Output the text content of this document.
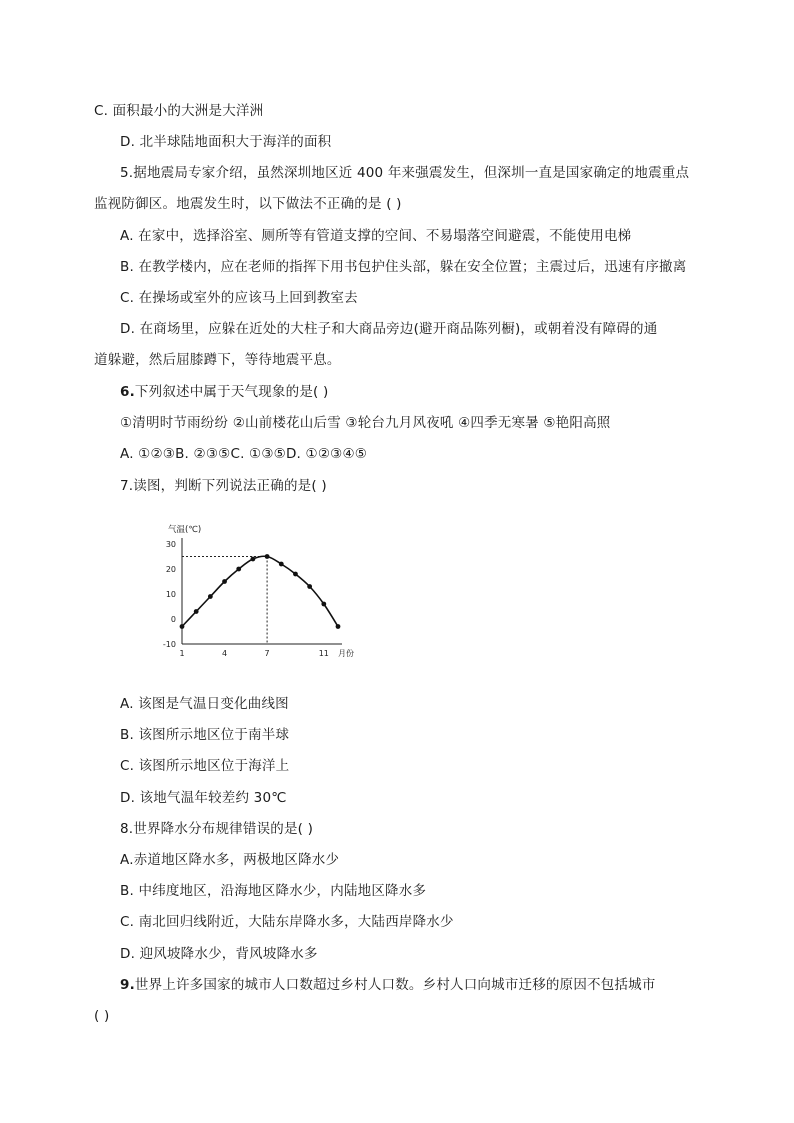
C. 面积最小的大洲是大洋洲
D. 北半球陆地面积大于海洋的面积
5.据地震局专家介绍，虽然深圳地区近 400 年来强震发生，但深圳一直是国家确定的地震重点
监视防御区。地震发生时，以下做法不正确的是 ( )
A. 在家中，选择浴室、厕所等有管道支撑的空间、不易塌落空间避震，不能使用电梯
B. 在教学楼内，应在老师的指挥下用书包护住头部，躲在安全位置；主震过后，迅速有序撤离
C. 在操场或室外的应该马上回到教室去
D. 在商场里，应躲在近处的大柱子和大商品旁边(避开商品陈列橱)，或朝着没有障碍的通
道躲避，然后屈膝蹲下，等待地震平息。
6.下列叙述中属于天气现象的是( )
①清明时节雨纷纷 ②山前楼花山后雪 ③轮台九月风夜吼 ④四季无寒暑 ⑤艳阳高照
A. ①②③B. ②③⑤C. ①③⑤D. ①②③④⑤
7.读图，判断下列说法正确的是( )
气温(℃)
月份
30
20
10
0
-10
1	4	7	11
A. 该图是气温日变化曲线图
B. 该图所示地区位于南半球
C. 该图所示地区位于海洋上
D. 该地气温年较差约 30℃
8.世界降水分布规律错误的是( )
A.赤道地区降水多，两极地区降水少
B. 中纬度地区，沿海地区降水少，内陆地区降水多
C. 南北回归线附近，大陆东岸降水多，大陆西岸降水少
D. 迎风坡降水少，背风坡降水多
9.世界上许多国家的城市人口数超过乡村人口数。乡村人口向城市迁移的原因不包括城市
( )
